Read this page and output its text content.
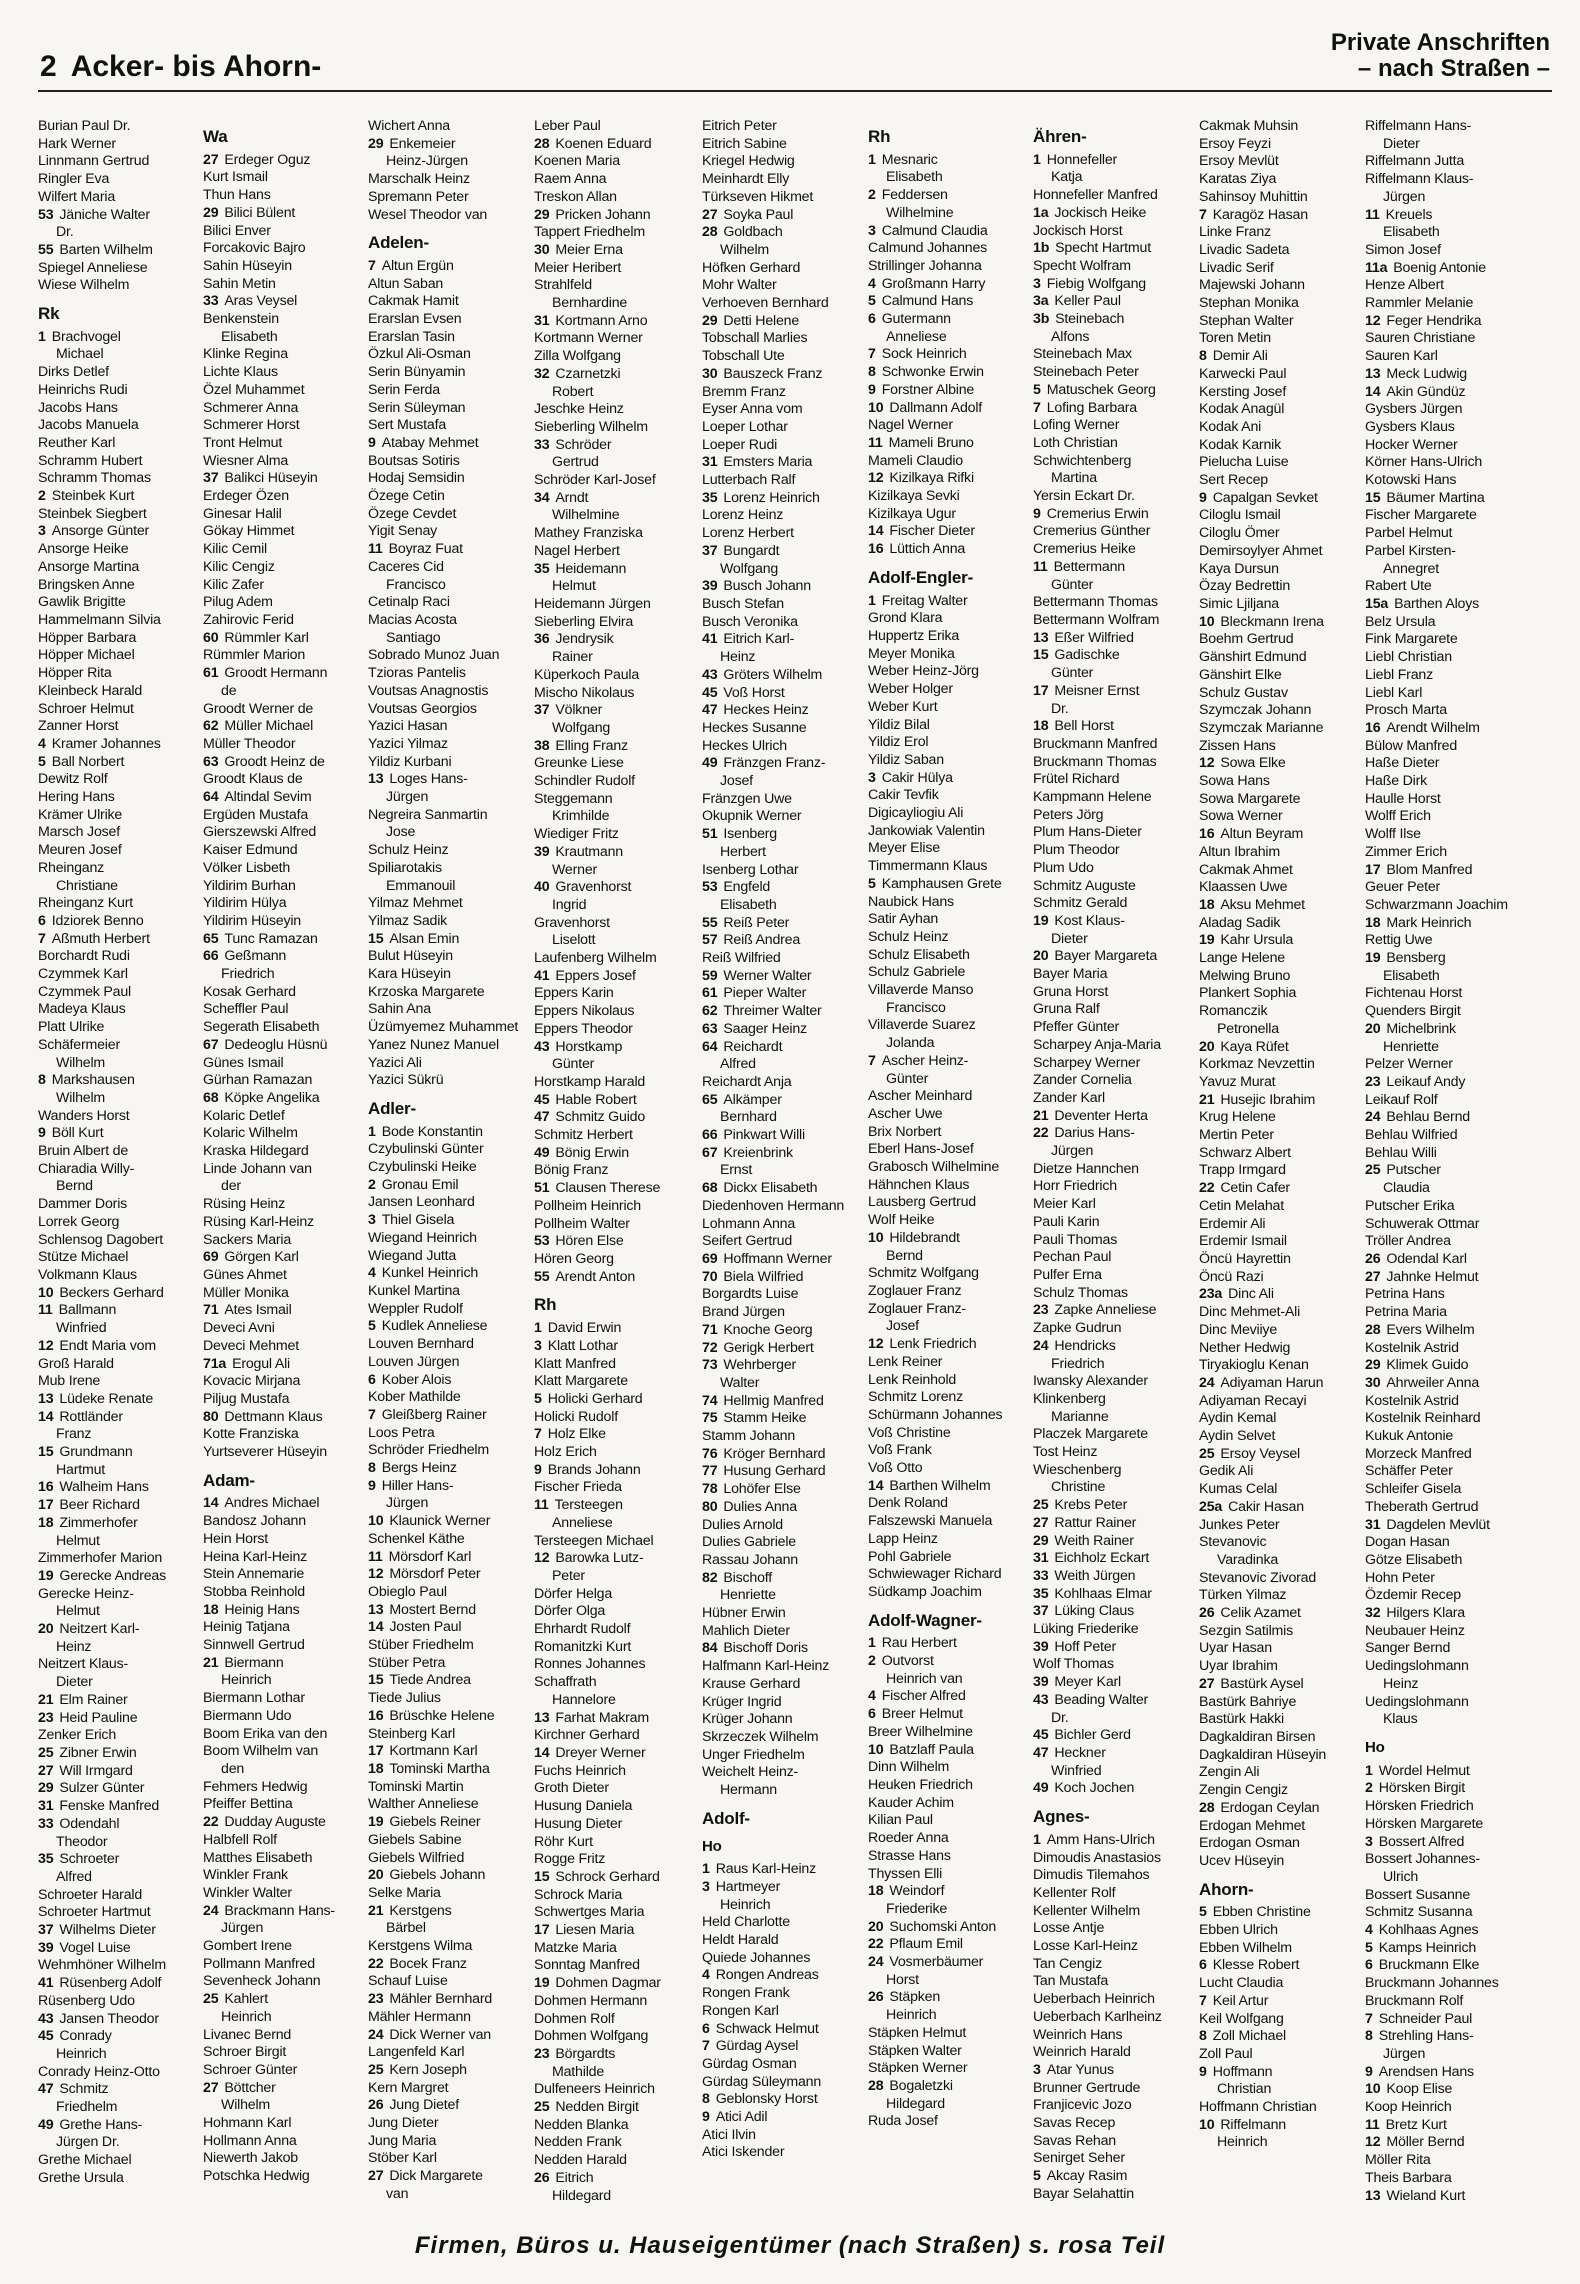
2 Acker- bis Ahorn-
Private Anschriften
– nach Straßen –
Burian Paul Dr.
Hark Werner
Linnmann Gertrud
Ringler Eva
Wilfert Maria
53 Jäniche Walter
Dr.
55 Barten Wilhelm
Spiegel Anneliese
Wiese Wilhelm
Rk
1 Brachvogel
Michael
Dirks Detlef
Heinrichs Rudi
Jacobs Hans
Jacobs Manuela
Reuther Karl
Schramm Hubert
Schramm Thomas
2 Steinbek Kurt
Steinbek Siegbert
3 Ansorge Günter
Ansorge Heike
Ansorge Martina
Bringsken Anne
Gawlik Brigitte
Hammelmann Silvia
Höpper Barbara
Höpper Michael
Höpper Rita
Kleinbeck Harald
Schroer Helmut
Zanner Horst
4 Kramer Johannes
5 Ball Norbert
Dewitz Rolf
Hering Hans
Krämer Ulrike
Marsch Josef
Meuren Josef
Rheinganz
Christiane
Rheinganz Kurt
6 Idziorek Benno
7 Aßmuth Herbert
Borchardt Rudi
Czymmek Karl
Czymmek Paul
Madeya Klaus
Platt Ulrike
Schäfermeier
Wilhelm
8 Markshausen
Wilhelm
Wanders Horst
9 Böll Kurt
Bruin Albert de
Chiaradia Willy-
Bernd
Dammer Doris
Lorrek Georg
Schlensog Dagobert
Stütze Michael
Volkmann Klaus
10 Beckers Gerhard
11 Ballmann
Winfried
12 Endt Maria vom
Groß Harald
Mub Irene
13 Lüdeke Renate
14 Rottländer
Franz
15 Grundmann
Hartmut
16 Walheim Hans
17 Beer Richard
18 Zimmerhofer
Helmut
Zimmerhofer Marion
19 Gerecke Andreas
Gerecke Heinz-
Helmut
20 Neitzert Karl-
Heinz
Neitzert Klaus-
Dieter
21 Elm Rainer
23 Heid Pauline
Zenker Erich
25 Zibner Erwin
27 Will Irmgard
29 Sulzer Günter
31 Fenske Manfred
33 Odendahl
Theodor
35 Schroeter
Alfred
Schroeter Harald
Schroeter Hartmut
37 Wilhelms Dieter
39 Vogel Luise
Wehmhöner Wilhelm
41 Rüsenberg Adolf
Rüsenberg Udo
43 Jansen Theodor
45 Conrady
Heinrich
Conrady Heinz-Otto
47 Schmitz
Friedhelm
49 Grethe Hans-
Jürgen Dr.
Grethe Michael
Grethe Ursula
Wa
27 Erdeger Oguz
Kurt Ismail
Thun Hans
29 Bilici Bülent
Bilici Enver
Forcakovic Bajro
Sahin Hüseyin
Sahin Metin
33 Aras Veysel
Benkenstein
Elisabeth
Klinke Regina
Lichte Klaus
Özel Muhammet
Schmerer Anna
Schmerer Horst
Tront Helmut
Wiesner Alma
37 Balikci Hüseyin
Erdeger Özen
Ginesar Halil
Gökay Himmet
Kilic Cemil
Kilic Cengiz
Kilic Zafer
Pilug Adem
Zahirovic Ferid
60 Rümmler Karl
Rümmler Marion
61 Groodt Hermann
de
Groodt Werner de
62 Müller Michael
Müller Theodor
63 Groodt Heinz de
Groodt Klaus de
64 Altindal Sevim
Ergüden Mustafa
Gierszewski Alfred
Kaiser Edmund
Völker Lisbeth
Yildirim Burhan
Yildirim Hülya
Yildirim Hüseyin
65 Tunc Ramazan
66 Geßmann
Friedrich
Kosak Gerhard
Scheffler Paul
Segerath Elisabeth
67 Dedeoglu Hüsnü
Günes Ismail
Gürhan Ramazan
68 Köpke Angelika
Kolaric Detlef
Kolaric Wilhelm
Kraska Hildegard
Linde Johann van
der
Rüsing Heinz
Rüsing Karl-Heinz
Sackers Maria
69 Görgen Karl
Günes Ahmet
Müller Monika
71 Ates Ismail
Deveci Avni
Deveci Mehmet
71a Erogul Ali
Kovacic Mirjana
Piljug Mustafa
80 Dettmann Klaus
Kotte Franziska
Yurtseverer Hüseyin
Adam-
14 Andres Michael
Bandosz Johann
Hein Horst
Heina Karl-Heinz
Stein Annemarie
Stobba Reinhold
18 Heinig Hans
Heinig Tatjana
Sinnwell Gertrud
21 Biermann
Heinrich
Biermann Lothar
Biermann Udo
Boom Erika van den
Boom Wilhelm van
den
Fehmers Hedwig
Pfeiffer Bettina
22 Dudday Auguste
Halbfell Rolf
Matthes Elisabeth
Winkler Frank
Winkler Walter
24 Brackmann Hans-
Jürgen
Gombert Irene
Pollmann Manfred
Sevenheck Johann
25 Kahlert
Heinrich
Livanec Bernd
Schroer Birgit
Schroer Günter
27 Böttcher
Wilhelm
Hohmann Karl
Hollmann Anna
Niewerth Jakob
Potschka Hedwig
Wichert Anna
29 Enkemeier
Heinz-Jürgen
Marschalk Heinz
Spremann Peter
Wesel Theodor van
Adelen-
7 Altun Ergün
Altun Saban
Cakmak Hamit
Erarslan Evsen
Erarslan Tasin
Özkul Ali-Osman
Serin Bünyamin
Serin Ferda
Serin Süleyman
Sert Mustafa
9 Atabay Mehmet
Boutsas Sotiris
Hodaj Semsidin
Özege Cetin
Özege Cevdet
Yigit Senay
11 Boyraz Fuat
Caceres Cid
Francisco
Cetinalp Raci
Macias Acosta
Santiago
Sobrado Munoz Juan
Tzioras Pantelis
Voutsas Anagnostis
Voutsas Georgios
Yazici Hasan
Yazici Yilmaz
Yildiz Kurbani
13 Loges Hans-
Jürgen
Negreira Sanmartin
Jose
Schulz Heinz
Spiliarotakis
Emmanouil
Yilmaz Mehmet
Yilmaz Sadik
15 Alsan Emin
Bulut Hüseyin
Kara Hüseyin
Krzoska Margarete
Sahin Ana
Üzümyemez Muhammet
Yanez Nunez Manuel
Yazici Ali
Yazici Sükrü
Adler-
1 Bode Konstantin
Czybulinski Günter
Czybulinski Heike
2 Gronau Emil
Jansen Leonhard
3 Thiel Gisela
Wiegand Heinrich
Wiegand Jutta
4 Kunkel Heinrich
Kunkel Martina
Weppler Rudolf
5 Kudlek Anneliese
Louven Bernhard
Louven Jürgen
6 Kober Alois
Kober Mathilde
7 Gleißberg Rainer
Loos Petra
Schröder Friedhelm
8 Bergs Heinz
9 Hiller Hans-
Jürgen
10 Klaunick Werner
Schenkel Käthe
11 Mörsdorf Karl
12 Mörsdorf Peter
Obieglo Paul
13 Mostert Bernd
14 Josten Paul
Stüber Friedhelm
Stüber Petra
15 Tiede Andrea
Tiede Julius
16 Brüschke Helene
Steinberg Karl
17 Kortmann Karl
18 Tominski Martha
Tominski Martin
Walther Anneliese
19 Giebels Reiner
Giebels Sabine
Giebels Wilfried
20 Giebels Johann
Selke Maria
21 Kerstgens
Bärbel
Kerstgens Wilma
22 Bocek Franz
Schauf Luise
23 Mähler Bernhard
Mähler Hermann
24 Dick Werner van
Langenfeld Karl
25 Kern Joseph
Kern Margret
26 Jung Dietef
Jung Dieter
Jung Maria
Stöber Karl
27 Dick Margarete
van
Leber Paul
28 Koenen Eduard
Koenen Maria
Raem Anna
Treskon Allan
29 Pricken Johann
Tappert Friedhelm
30 Meier Erna
Meier Heribert
Strahlfeld
Bernhardine
31 Kortmann Arno
Kortmann Werner
Zilla Wolfgang
32 Czarnetzki
Robert
Jeschke Heinz
Sieberling Wilhelm
33 Schröder
Gertrud
Schröder Karl-Josef
34 Arndt
Wilhelmine
Mathey Franziska
Nagel Herbert
35 Heidemann
Helmut
Heidemann Jürgen
Sieberling Elvira
36 Jendrysik
Rainer
Küperkoch Paula
Mischo Nikolaus
37 Völkner
Wolfgang
38 Elling Franz
Greunke Liese
Schindler Rudolf
Steggemann
Krimhilde
Wiediger Fritz
39 Krautmann
Werner
40 Gravenhorst
Ingrid
Gravenhorst
Liselott
Laufenberg Wilhelm
41 Eppers Josef
Eppers Karin
Eppers Nikolaus
Eppers Theodor
43 Horstkamp
Günter
Horstkamp Harald
45 Hable Robert
47 Schmitz Guido
Schmitz Herbert
49 Bönig Erwin
Bönig Franz
51 Clausen Therese
Pollheim Heinrich
Pollheim Walter
53 Hören Else
Hören Georg
55 Arendt Anton
Rh
1 David Erwin
3 Klatt Lothar
Klatt Manfred
Klatt Margarete
5 Holicki Gerhard
Holicki Rudolf
7 Holz Elke
Holz Erich
9 Brands Johann
Fischer Frieda
11 Tersteegen
Anneliese
Tersteegen Michael
12 Barowka Lutz-
Peter
Dörfer Helga
Dörfer Olga
Ehrhardt Rudolf
Romanitzki Kurt
Ronnes Johannes
Schaffrath
Hannelore
13 Farhat Makram
Kirchner Gerhard
14 Dreyer Werner
Fuchs Heinrich
Groth Dieter
Husung Daniela
Husung Dieter
Röhr Kurt
Rogge Fritz
15 Schrock Gerhard
Schrock Maria
Schwertges Maria
17 Liesen Maria
Matzke Maria
Sonntag Manfred
19 Dohmen Dagmar
Dohmen Hermann
Dohmen Rolf
Dohmen Wolfgang
23 Börgardts
Mathilde
Dulfeneers Heinrich
25 Nedden Birgit
Nedden Blanka
Nedden Frank
Nedden Harald
26 Eitrich
Hildegard
Eitrich Peter
Eitrich Sabine
Kriegel Hedwig
Meinhardt Elly
Türkseven Hikmet
27 Soyka Paul
28 Goldbach
Wilhelm
Höfken Gerhard
Mohr Walter
Verhoeven Bernhard
29 Detti Helene
Tobschall Marlies
Tobschall Ute
30 Bauszeck Franz
Bremm Franz
Eyser Anna vom
Loeper Lothar
Loeper Rudi
31 Emsters Maria
Lutterbach Ralf
35 Lorenz Heinrich
Lorenz Heinz
Lorenz Herbert
37 Bungardt
Wolfgang
39 Busch Johann
Busch Stefan
Busch Veronika
41 Eitrich Karl-
Heinz
43 Gröters Wilhelm
45 Voß Horst
47 Heckes Heinz
Heckes Susanne
Heckes Ulrich
49 Fränzgen Franz-
Josef
Fränzgen Uwe
Okupnik Werner
51 Isenberg
Herbert
Isenberg Lothar
53 Engfeld
Elisabeth
55 Reiß Peter
57 Reiß Andrea
Reiß Wilfried
59 Werner Walter
61 Pieper Walter
62 Threimer Walter
63 Saager Heinz
64 Reichardt
Alfred
Reichardt Anja
65 Alkämper
Bernhard
66 Pinkwart Willi
67 Kreienbrink
Ernst
68 Dickx Elisabeth
Diedenhoven Hermann
Lohmann Anna
Seifert Gertrud
69 Hoffmann Werner
70 Biela Wilfried
Borgardts Luise
Brand Jürgen
71 Knoche Georg
72 Gerigk Herbert
73 Wehrberger
Walter
74 Hellmig Manfred
75 Stamm Heike
Stamm Johann
76 Kröger Bernhard
77 Husung Gerhard
78 Lohöfer Else
80 Dulies Anna
Dulies Arnold
Dulies Gabriele
Rassau Johann
82 Bischoff
Henriette
Hübner Erwin
Mahlich Dieter
84 Bischoff Doris
Halfmann Karl-Heinz
Krause Gerhard
Krüger Ingrid
Krüger Johann
Skrzeczek Wilhelm
Unger Friedhelm
Weichelt Heinz-
Hermann
Adolf-
Ho
1 Raus Karl-Heinz
3 Hartmeyer
Heinrich
Held Charlotte
Heldt Harald
Quiede Johannes
4 Rongen Andreas
Rongen Frank
Rongen Karl
6 Schwack Helmut
7 Gürdag Aysel
Gürdag Osman
Gürdag Süleymann
8 Geblonsky Horst
9 Atici Adil
Atici Ilvin
Atici Iskender
Rh
1 Mesnaric
Elisabeth
2 Feddersen
Wilhelmine
3 Calmund Claudia
Calmund Johannes
Strillinger Johanna
4 Großmann Harry
5 Calmund Hans
6 Gutermann
Anneliese
7 Sock Heinrich
8 Schwonke Erwin
9 Forstner Albine
10 Dallmann Adolf
Nagel Werner
11 Mameli Bruno
Mameli Claudio
12 Kizilkaya Rifki
Kizilkaya Sevki
Kizilkaya Ugur
14 Fischer Dieter
16 Lüttich Anna
Adolf-Engler-
1 Freitag Walter
Grond Klara
Huppertz Erika
Meyer Monika
Weber Heinz-Jörg
Weber Holger
Weber Kurt
Yildiz Bilal
Yildiz Erol
Yildiz Saban
3 Cakir Hülya
Cakir Tevfik
Digicayliogiu Ali
Jankowiak Valentin
Meyer Elise
Timmermann Klaus
5 Kamphausen Grete
Naubick Hans
Satir Ayhan
Schulz Heinz
Schulz Elisabeth
Schulz Gabriele
Villaverde Manso
Francisco
Villaverde Suarez
Jolanda
7 Ascher Heinz-
Günter
Ascher Meinhard
Ascher Uwe
Brix Norbert
Eberl Hans-Josef
Grabosch Wilhelmine
Hähnchen Klaus
Lausberg Gertrud
Wolf Heike
10 Hildebrandt
Bernd
Schmitz Wolfgang
Zoglauer Franz
Zoglauer Franz-
Josef
12 Lenk Friedrich
Lenk Reiner
Lenk Reinhold
Schmitz Lorenz
Schürmann Johannes
Voß Christine
Voß Frank
Voß Otto
14 Barthen Wilhelm
Denk Roland
Falszewski Manuela
Lapp Heinz
Pohl Gabriele
Schwiewager Richard
Südkamp Joachim
Adolf-Wagner-
1 Rau Herbert
2 Outvorst
Heinrich van
4 Fischer Alfred
6 Breer Helmut
Breer Wilhelmine
10 Batzlaff Paula
Dinn Wilhelm
Heuken Friedrich
Kauder Achim
Kilian Paul
Roeder Anna
Strasse Hans
Thyssen Elli
18 Weindorf
Friederike
20 Suchomski Anton
22 Pflaum Emil
24 Vosmerbäumer
Horst
26 Stäpken
Heinrich
Stäpken Helmut
Stäpken Walter
Stäpken Werner
28 Bogaletzki
Hildegard
Ruda Josef
Ähren-
1 Honnefeller
Katja
Honnefeller Manfred
1a Jockisch Heike
Jockisch Horst
1b Specht Hartmut
Specht Wolfram
3 Fiebig Wolfgang
3a Keller Paul
3b Steinebach
Alfons
Steinebach Max
Steinebach Peter
5 Matuschek Georg
7 Lofing Barbara
Lofing Werner
Loth Christian
Schwichtenberg
Martina
Yersin Eckart Dr.
9 Cremerius Erwin
Cremerius Günther
Cremerius Heike
11 Bettermann
Günter
Bettermann Thomas
Bettermann Wolfram
13 Eßer Wilfried
15 Gadischke
Günter
17 Meisner Ernst
Dr.
18 Bell Horst
Bruckmann Manfred
Bruckmann Thomas
Frütel Richard
Kampmann Helene
Peters Jörg
Plum Hans-Dieter
Plum Theodor
Plum Udo
Schmitz Auguste
Schmitz Gerald
19 Kost Klaus-
Dieter
20 Bayer Margareta
Bayer Maria
Gruna Horst
Gruna Ralf
Pfeffer Günter
Scharpey Anja-Maria
Scharpey Werner
Zander Cornelia
Zander Karl
21 Deventer Herta
22 Darius Hans-
Jürgen
Dietze Hannchen
Horr Friedrich
Meier Karl
Pauli Karin
Pauli Thomas
Pechan Paul
Pulfer Erna
Schulz Thomas
23 Zapke Anneliese
Zapke Gudrun
24 Hendricks
Friedrich
Iwansky Alexander
Klinkenberg
Marianne
Placzek Margarete
Tost Heinz
Wieschenberg
Christine
25 Krebs Peter
27 Rattur Rainer
29 Weith Rainer
31 Eichholz Eckart
33 Weith Jürgen
35 Kohlhaas Elmar
37 Lüking Claus
Lüking Friederike
39 Hoff Peter
Wolf Thomas
39 Meyer Karl
43 Beading Walter
Dr.
45 Bichler Gerd
47 Heckner
Winfried
49 Koch Jochen
Agnes-
1 Amm Hans-Ulrich
Dimoudis Anastasios
Dimudis Tilemahos
Kellenter Rolf
Kellenter Wilhelm
Losse Antje
Losse Karl-Heinz
Tan Cengiz
Tan Mustafa
Ueberbach Heinrich
Ueberbach Karlheinz
Weinrich Hans
Weinrich Harald
3 Atar Yunus
Brunner Gertrude
Franjicevic Jozo
Savas Recep
Savas Rehan
Senirget Seher
5 Akcay Rasim
Bayar Selahattin
Cakmak Muhsin
Ersoy Feyzi
Ersoy Mevlüt
Karatas Ziya
Sahinsoy Muhittin
7 Karagöz Hasan
Linke Franz
Livadic Sadeta
Livadic Serif
Majewski Johann
Stephan Monika
Stephan Walter
Toren Metin
8 Demir Ali
Karwecki Paul
Kersting Josef
Kodak Anagül
Kodak Ani
Kodak Karnik
Pielucha Luise
Sert Recep
9 Capalgan Sevket
Ciloglu Ismail
Ciloglu Ömer
Demirsoylyer Ahmet
Kaya Dursun
Özay Bedrettin
Simic Ljiljana
10 Bleckmann Irena
Boehm Gertrud
Gänshirt Edmund
Gänshirt Elke
Schulz Gustav
Szymczak Johann
Szymczak Marianne
Zissen Hans
12 Sowa Elke
Sowa Hans
Sowa Margarete
Sowa Werner
16 Altun Beyram
Altun Ibrahim
Cakmak Ahmet
Klaassen Uwe
18 Aksu Mehmet
Aladag Sadik
19 Kahr Ursula
Lange Helene
Melwing Bruno
Plankert Sophia
Romanczik
Petronella
20 Kaya Rüfet
Korkmaz Nevzettin
Yavuz Murat
21 Husejic Ibrahim
Krug Helene
Mertin Peter
Schwarz Albert
Trapp Irmgard
22 Cetin Cafer
Cetin Melahat
Erdemir Ali
Erdemir Ismail
Öncü Hayrettin
Öncü Razi
23a Dinc Ali
Dinc Mehmet-Ali
Dinc Meviiye
Nether Hedwig
Tiryakioglu Kenan
24 Adiyaman Harun
Adiyaman Recayi
Aydin Kemal
Aydin Selvet
25 Ersoy Veysel
Gedik Ali
Kumas Celal
25a Cakir Hasan
Junkes Peter
Stevanovic
Varadinka
Stevanovic Zivorad
Türken Yilmaz
26 Celik Azamet
Sezgin Satilmis
Uyar Hasan
Uyar Ibrahim
27 Bastürk Aysel
Bastürk Bahriye
Bastürk Hakki
Dagkaldiran Birsen
Dagkaldiran Hüseyin
Zengin Ali
Zengin Cengiz
28 Erdogan Ceylan
Erdogan Mehmet
Erdogan Osman
Ucev Hüseyin
Ahorn-
5 Ebben Christine
Ebben Ulrich
Ebben Wilhelm
6 Klesse Robert
Lucht Claudia
7 Keil Artur
Keil Wolfgang
8 Zoll Michael
Zoll Paul
9 Hoffmann
Christian
Hoffmann Christian
10 Riffelmann
Heinrich
Riffelmann Hans-
Dieter
Riffelmann Jutta
Riffelmann Klaus-
Jürgen
11 Kreuels
Elisabeth
Simon Josef
11a Boenig Antonie
Henze Albert
Rammler Melanie
12 Feger Hendrika
Sauren Christiane
Sauren Karl
13 Meck Ludwig
14 Akin Gündüz
Gysbers Jürgen
Gysbers Klaus
Hocker Werner
Körner Hans-Ulrich
Kotowski Hans
15 Bäumer Martina
Fischer Margarete
Parbel Helmut
Parbel Kirsten-
Annegret
Rabert Ute
15a Barthen Aloys
Belz Ursula
Fink Margarete
Liebl Christian
Liebl Franz
Liebl Karl
Prosch Marta
16 Arendt Wilhelm
Bülow Manfred
Haße Dieter
Haße Dirk
Haulle Horst
Wolff Erich
Wolff Ilse
Zimmer Erich
17 Blom Manfred
Geuer Peter
Schwarzmann Joachim
18 Mark Heinrich
Rettig Uwe
19 Bensberg
Elisabeth
Fichtenau Horst
Quenders Birgit
20 Michelbrink
Henriette
Pelzer Werner
23 Leikauf Andy
Leikauf Rolf
24 Behlau Bernd
Behlau Wilfried
Behlau Willi
25 Putscher
Claudia
Putscher Erika
Schuwerak Ottmar
Tröller Andrea
26 Odendal Karl
27 Jahnke Helmut
Petrina Hans
Petrina Maria
28 Evers Wilhelm
Kostelnik Astrid
29 Klimek Guido
30 Ahrweiler Anna
Kostelnik Astrid
Kostelnik Reinhard
Kukuk Antonie
Morzeck Manfred
Schäffer Peter
Schleifer Gisela
Theberath Gertrud
31 Dagdelen Mevlüt
Dogan Hasan
Götze Elisabeth
Hohn Peter
Özdemir Recep
32 Hilgers Klara
Neubauer Heinz
Sanger Bernd
Uedingslohmann
Heinz
Uedingslohmann
Klaus
Ho
1 Wordel Helmut
2 Hörsken Birgit
Hörsken Friedrich
Hörsken Margarete
3 Bossert Alfred
Bossert Johannes-
Ulrich
Bossert Susanne
Schmitz Susanna
4 Kohlhaas Agnes
5 Kamps Heinrich
6 Bruckmann Elke
Bruckmann Johannes
Bruckmann Rolf
7 Schneider Paul
8 Strehling Hans-
Jürgen
9 Arendsen Hans
10 Koop Elise
Koop Heinrich
11 Bretz Kurt
12 Möller Bernd
Möller Rita
Theis Barbara
13 Wieland Kurt
Firmen, Büros u. Hauseigentümer (nach Straßen) s. rosa Teil
